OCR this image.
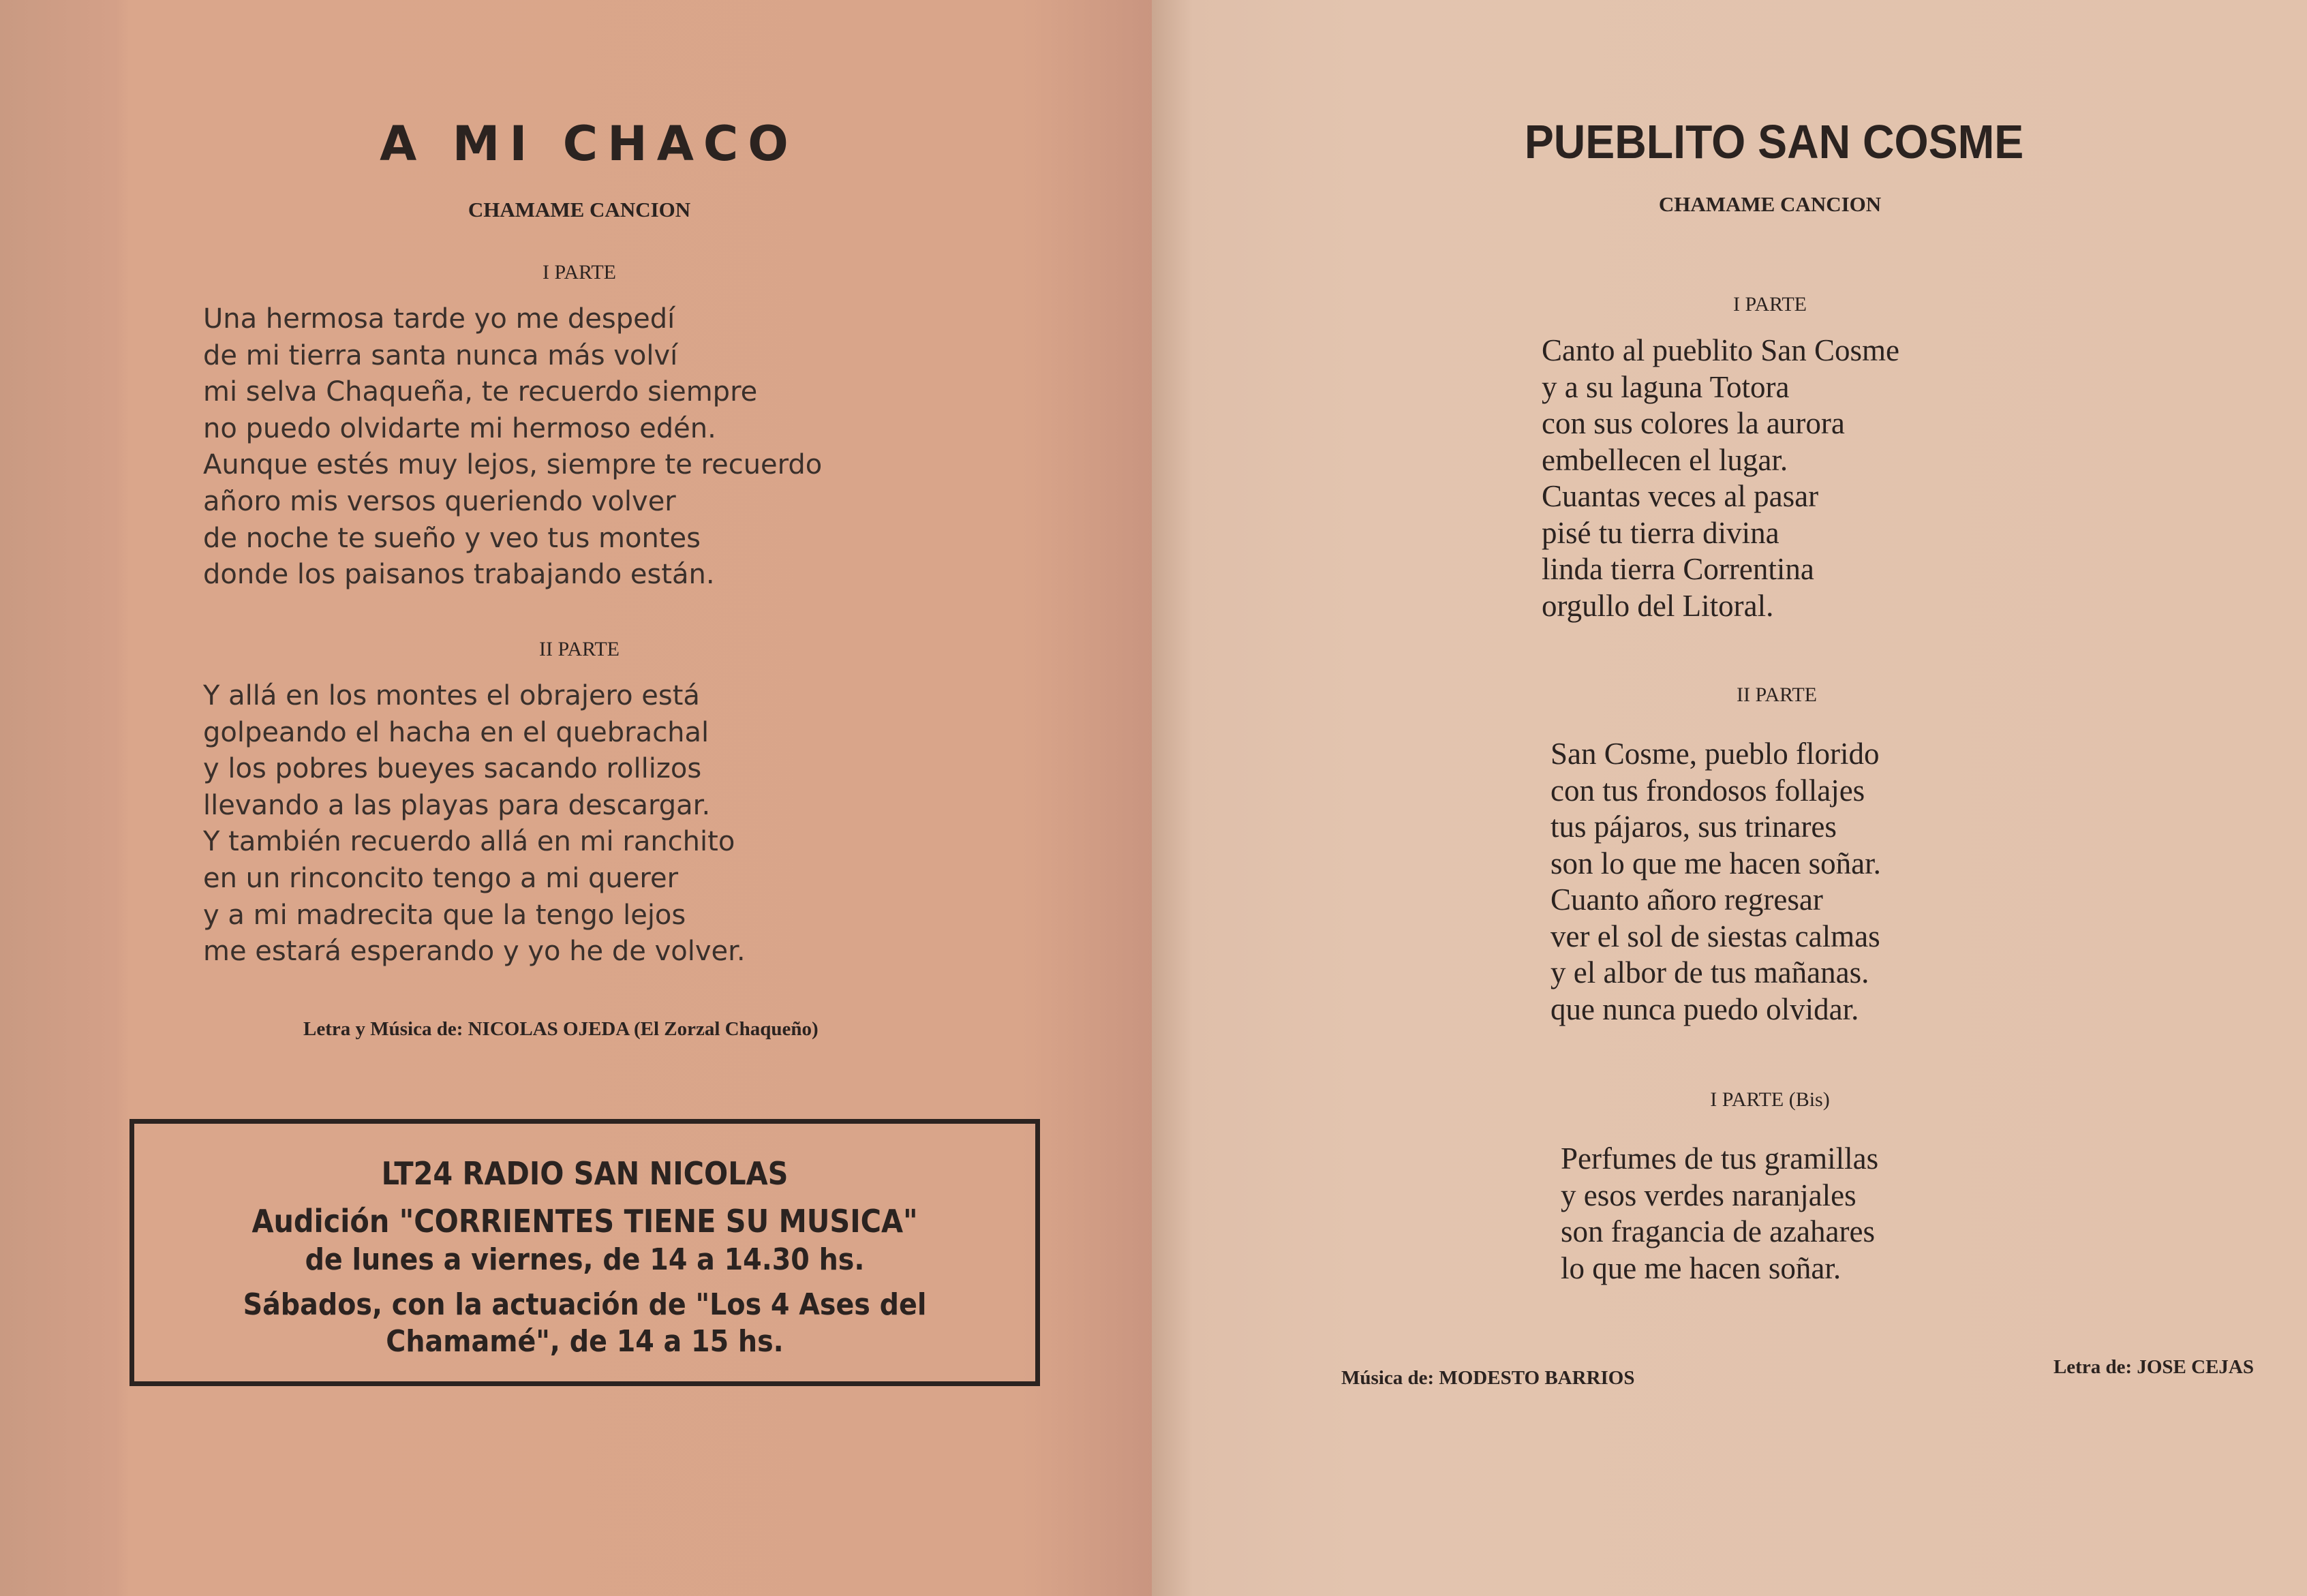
A MI CHACO
CHAMAME CANCION
I PARTE
Una hermosa tarde yo me despedí
de mi tierra santa nunca más volví
mi selva Chaqueña, te recuerdo siempre
no puedo olvidarte mi hermoso edén.
Aunque estés muy lejos, siempre te recuerdo
añoro mis versos queriendo volver
de noche te sueño y veo tus montes
donde los paisanos trabajando están.
II PARTE
Y allá en los montes el obrajero está
golpeando el hacha en el quebrachal
y los pobres bueyes sacando rollizos
llevando a las playas para descargar.
Y también recuerdo allá en mi ranchito
en un rinconcito tengo a mi querer
y a mi madrecita que la tengo lejos
me estará esperando y yo he de volver.
Letra y Música de: NICOLAS OJEDA (El Zorzal Chaqueño)
LT24 RADIO SAN NICOLAS
Audición "CORRIENTES TIENE SU MUSICA"
de lunes a viernes, de 14 a 14.30 hs.
Sábados, con la actuación de "Los 4 Ases del
Chamamé", de 14 a 15 hs.
PUEBLITO SAN COSME
CHAMAME CANCION
I PARTE
Canto al pueblito San Cosme
y a su laguna Totora
con sus colores la aurora
embellecen el lugar.
Cuantas veces al pasar
pisé tu tierra divina
linda tierra Correntina
orgullo del Litoral.
II PARTE
San Cosme, pueblo florido
con tus frondosos follajes
tus pájaros, sus trinares
son lo que me hacen soñar.
Cuanto añoro regresar
ver el sol de siestas calmas
y el albor de tus mañanas.
que nunca puedo olvidar.
I PARTE (Bis)
Perfumes de tus gramillas
y esos verdes naranjales
son fragancia de azahares
lo que me hacen soñar.
Música de: MODESTO BARRIOS	Letra de: JOSE CEJAS
